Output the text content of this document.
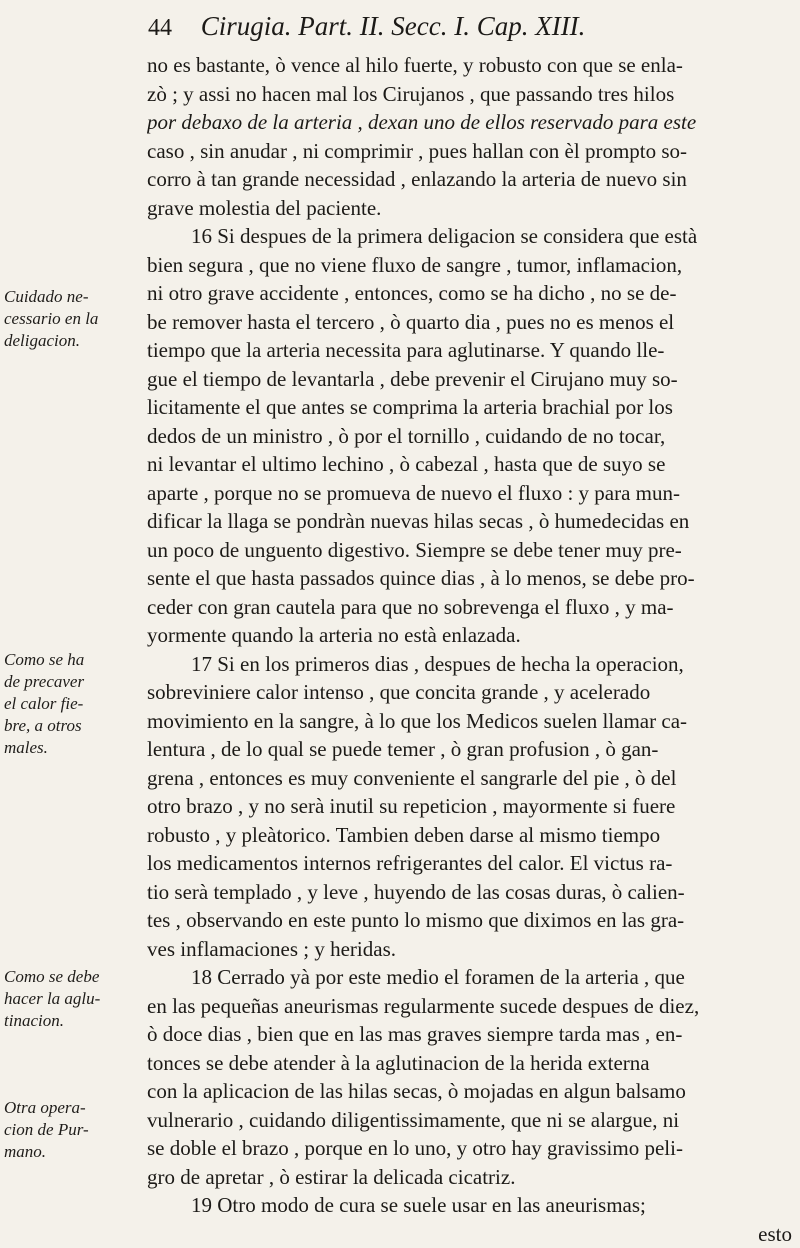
44 Cirugia. Part. II. Secc. I. Cap. XIII.
Cuidado ne-
cessario en la
deligacion.
Como se ha
de precaver
el calor fie-
bre, a otros
males.
Como se debe
hacer la aglu-
tinacion.
Otra opera-
cion de Pur-
mano.
no es bastante, ò vence al hilo fuerte, y robusto con que se enla-
zò ; y assi no hacen mal los Cirujanos , que passando tres hilos
por debaxo de la arteria , dexan uno de ellos reservado para este
caso , sin anudar , ni comprimir , pues hallan con èl prompto so-
corro à tan grande necessidad , enlazando la arteria de nuevo sin
grave molestia del paciente.
16 Si despues de la primera deligacion se considera que està
bien segura , que no viene fluxo de sangre , tumor, inflamacion,
ni otro grave accidente , entonces, como se ha dicho , no se de-
be remover hasta el tercero , ò quarto dia , pues no es menos el
tiempo que la arteria necessita para aglutinarse. Y quando lle-
gue el tiempo de levantarla , debe prevenir el Cirujano muy so-
licitamente el que antes se comprima la arteria brachial por los
dedos de un ministro , ò por el tornillo , cuidando de no tocar,
ni levantar el ultimo lechino , ò cabezal , hasta que de suyo se
aparte , porque no se promueva de nuevo el fluxo : y para mun-
dificar la llaga se pondràn nuevas hilas secas , ò humedecidas en
un poco de unguento digestivo. Siempre se debe tener muy pre-
sente el que hasta passados quince dias , à lo menos, se debe pro-
ceder con gran cautela para que no sobrevenga el fluxo , y ma-
yormente quando la arteria no està enlazada.
17 Si en los primeros dias , despues de hecha la operacion,
sobreviniere calor intenso , que concita grande , y acelerado
movimiento en la sangre, à lo que los Medicos suelen llamar ca-
lentura , de lo qual se puede temer , ò gran profusion , ò gan-
grena , entonces es muy conveniente el sangrarle del pie , ò del
otro brazo , y no serà inutil su repeticion , mayormente si fuere
robusto , y pleàtorico. Tambien deben darse al mismo tiempo
los medicamentos internos refrigerantes del calor. El victus ra-
tio serà templado , y leve , huyendo de las cosas duras, ò calien-
tes , observando en este punto lo mismo que diximos en las gra-
ves inflamaciones ; y heridas.
18 Cerrado yà por este medio el foramen de la arteria , que
en las pequeñas aneurismas regularmente sucede despues de diez,
ò doce dias , bien que en las mas graves siempre tarda mas , en-
tonces se debe atender à la aglutinacion de la herida externa
con la aplicacion de las hilas secas, ò mojadas en algun balsamo
vulnerario , cuidando diligentissimamente, que ni se alargue, ni
se doble el brazo , porque en lo uno, y otro hay gravissimo peli-
gro de apretar , ò estirar la delicada cicatriz.
19 Otro modo de cura se suele usar en las aneurismas;
esto
